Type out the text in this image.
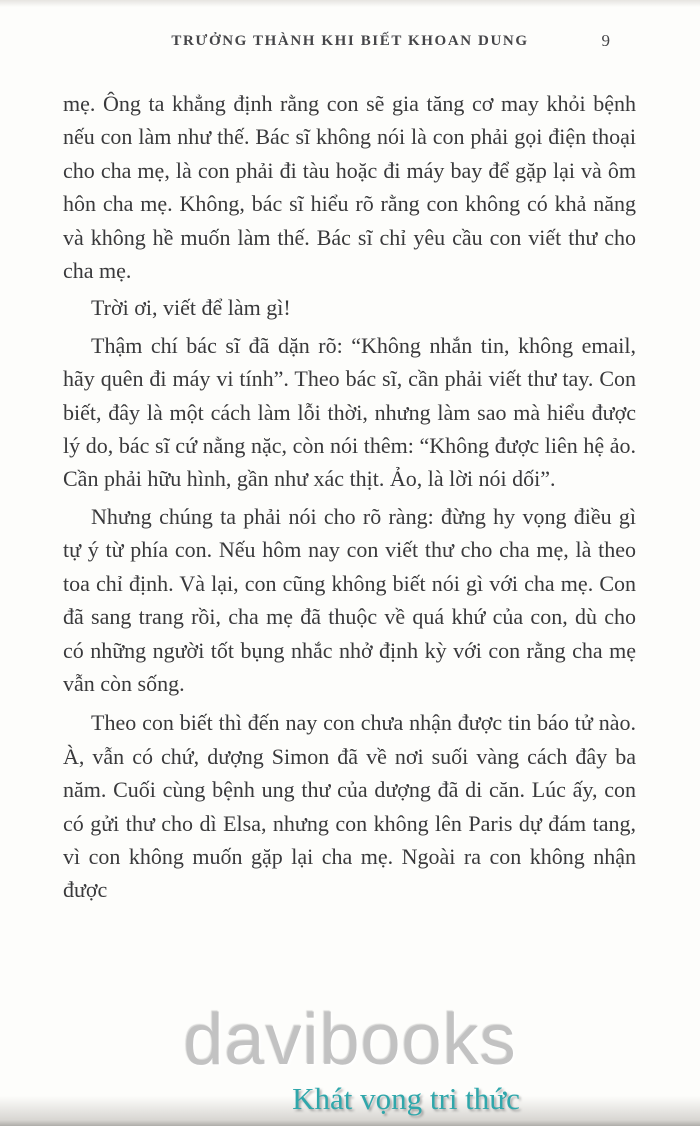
TRƯỞNG THÀNH KHI BIẾT KHOAN DUNG	9

mẹ. Ông ta khẳng định rằng con sẽ gia tăng cơ may khỏi bệnh nếu con làm như thế. Bác sĩ không nói là con phải gọi điện thoại cho cha mẹ, là con phải đi tàu hoặc đi máy bay để gặp lại và ôm hôn cha mẹ. Không, bác sĩ hiểu rõ rằng con không có khả năng và không hề muốn làm thế. Bác sĩ chỉ yêu cầu con viết thư cho cha mẹ.

Trời ơi, viết để làm gì!

Thậm chí bác sĩ đã dặn rõ: “Không nhắn tin, không email, hãy quên đi máy vi tính”. Theo bác sĩ, cần phải viết thư tay. Con biết, đây là một cách làm lỗi thời, nhưng làm sao mà hiểu được lý do, bác sĩ cứ nằng nặc, còn nói thêm: “Không được liên hệ ảo. Cần phải hữu hình, gần như xác thịt. Ảo, là lời nói dối”.

Nhưng chúng ta phải nói cho rõ ràng: đừng hy vọng điều gì tự ý từ phía con. Nếu hôm nay con viết thư cho cha mẹ, là theo toa chỉ định. Và lại, con cũng không biết nói gì với cha mẹ. Con đã sang trang rồi, cha mẹ đã thuộc về quá khứ của con, dù cho có những người tốt bụng nhắc nhở định kỳ với con rằng cha mẹ vẫn còn sống.

Theo con biết thì đến nay con chưa nhận được tin báo tử nào. À, vẫn có chứ, dượng Simon đã về nơi suối vàng cách đây ba năm. Cuối cùng bệnh ung thư của dượng đã di căn. Lúc ấy, con có gửi thư cho dì Elsa, nhưng con không lên Paris dự đám tang, vì con không muốn gặp lại cha mẹ. Ngoài ra con không nhận được

davibooks
Khát vọng tri thức
